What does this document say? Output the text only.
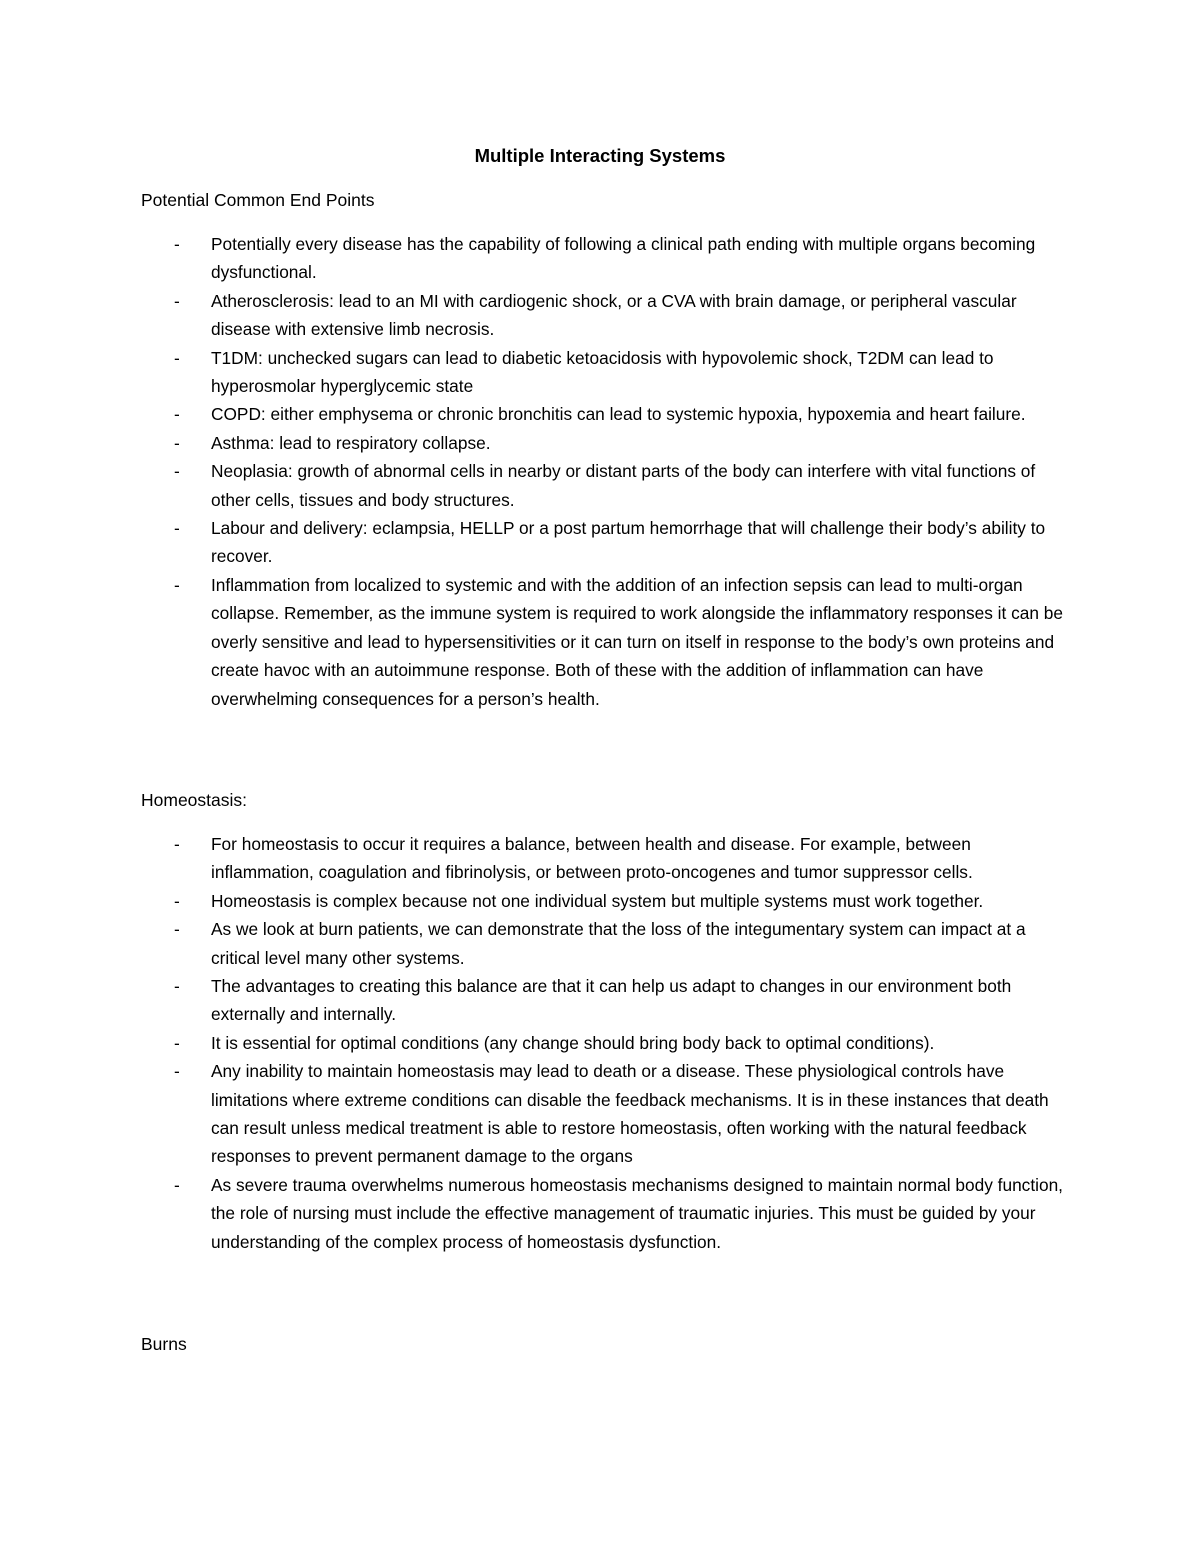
Multiple Interacting Systems
Potential Common End Points
- Potentially every disease has the capability of following a clinical path ending with multiple organs becoming dysfunctional.
- Atherosclerosis: lead to an MI with cardiogenic shock, or a CVA with brain damage, or peripheral vascular disease with extensive limb necrosis.
- T1DM: unchecked sugars can lead to diabetic ketoacidosis with hypovolemic shock, T2DM can lead to hyperosmolar hyperglycemic state
- COPD: either emphysema or chronic bronchitis can lead to systemic hypoxia, hypoxemia and heart failure.
- Asthma: lead to respiratory collapse.
- Neoplasia: growth of abnormal cells in nearby or distant parts of the body can interfere with vital functions of other cells, tissues and body structures.
- Labour and delivery: eclampsia, HELLP or a post partum hemorrhage that will challenge their body’s ability to recover.
- Inflammation from localized to systemic and with the addition of an infection sepsis can lead to multi-organ collapse. Remember, as the immune system is required to work alongside the inflammatory responses it can be overly sensitive and lead to hypersensitivities or it can turn on itself in response to the body’s own proteins and create havoc with an autoimmune response. Both of these with the addition of inflammation can have overwhelming consequences for a person’s health.
Homeostasis:
- For homeostasis to occur it requires a balance, between health and disease. For example, between inflammation, coagulation and fibrinolysis, or between proto-oncogenes and tumor suppressor cells.
- Homeostasis is complex because not one individual system but multiple systems must work together.
- As we look at burn patients, we can demonstrate that the loss of the integumentary system can impact at a critical level many other systems.
- The advantages to creating this balance are that it can help us adapt to changes in our environment both externally and internally.
- It is essential for optimal conditions (any change should bring body back to optimal conditions).
- Any inability to maintain homeostasis may lead to death or a disease. These physiological controls have limitations where extreme conditions can disable the feedback mechanisms. It is in these instances that death can result unless medical treatment is able to restore homeostasis, often working with the natural feedback responses to prevent permanent damage to the organs
- As severe trauma overwhelms numerous homeostasis mechanisms designed to maintain normal body function, the role of nursing must include the effective management of traumatic injuries. This must be guided by your understanding of the complex process of homeostasis dysfunction.
Burns
